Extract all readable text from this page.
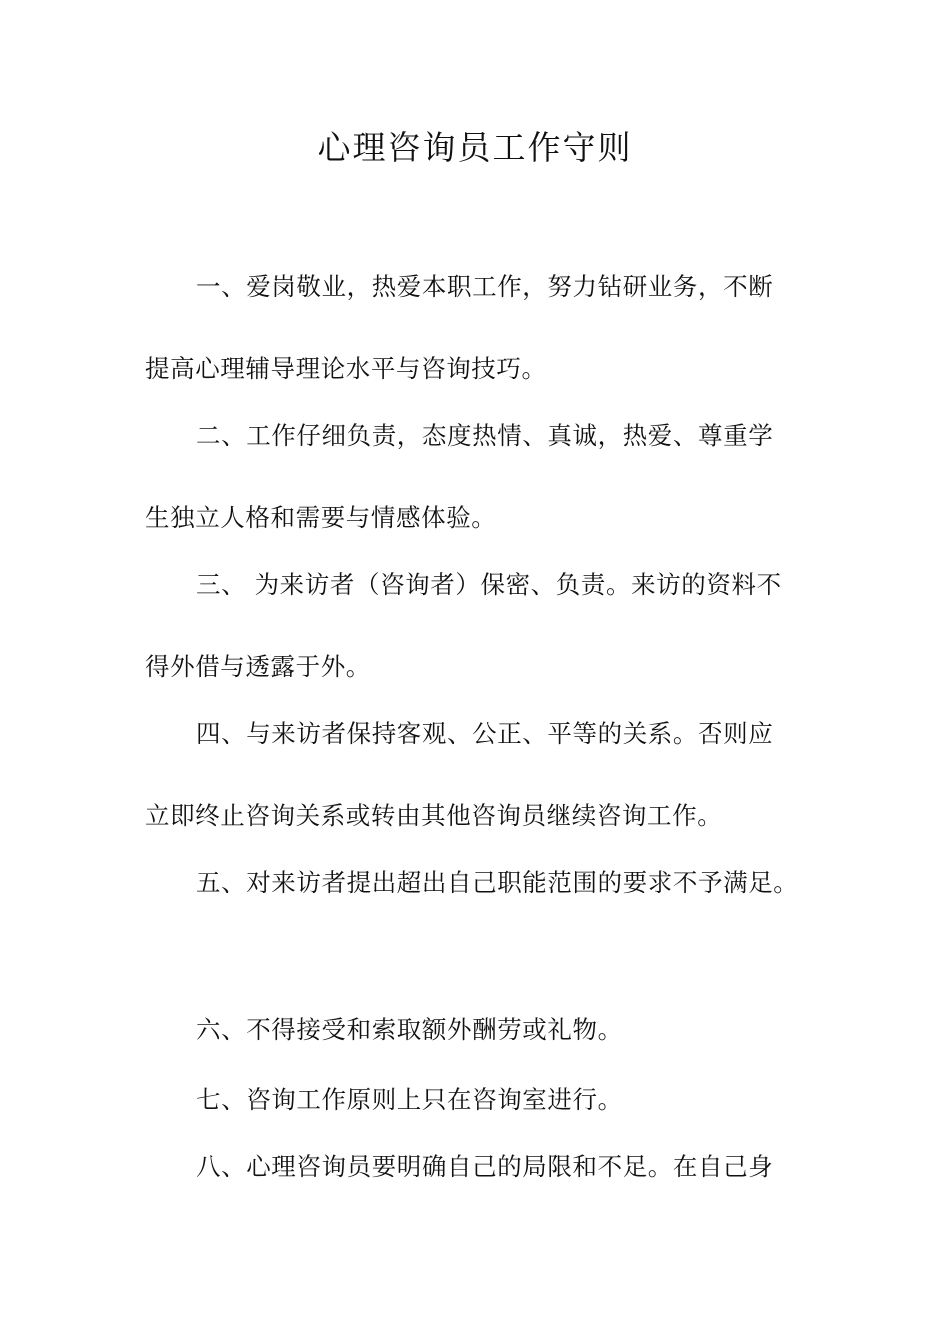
心理咨询员工作守则
一、爱岗敬业，热爱本职工作，努力钻研业务，不断
提高心理辅导理论水平与咨询技巧。
二、工作仔细负责，态度热情、真诚，热爱、尊重学
生独立人格和需要与情感体验。
三、 为来访者（咨询者）保密、负责。来访的资料不
得外借与透露于外。
四、与来访者保持客观、公正、平等的关系。否则应
立即终止咨询关系或转由其他咨询员继续咨询工作。
五、对来访者提出超出自己职能范围的要求不予满足。
六、不得接受和索取额外酬劳或礼物。
七、咨询工作原则上只在咨询室进行。
八、心理咨询员要明确自己的局限和不足。在自己身
